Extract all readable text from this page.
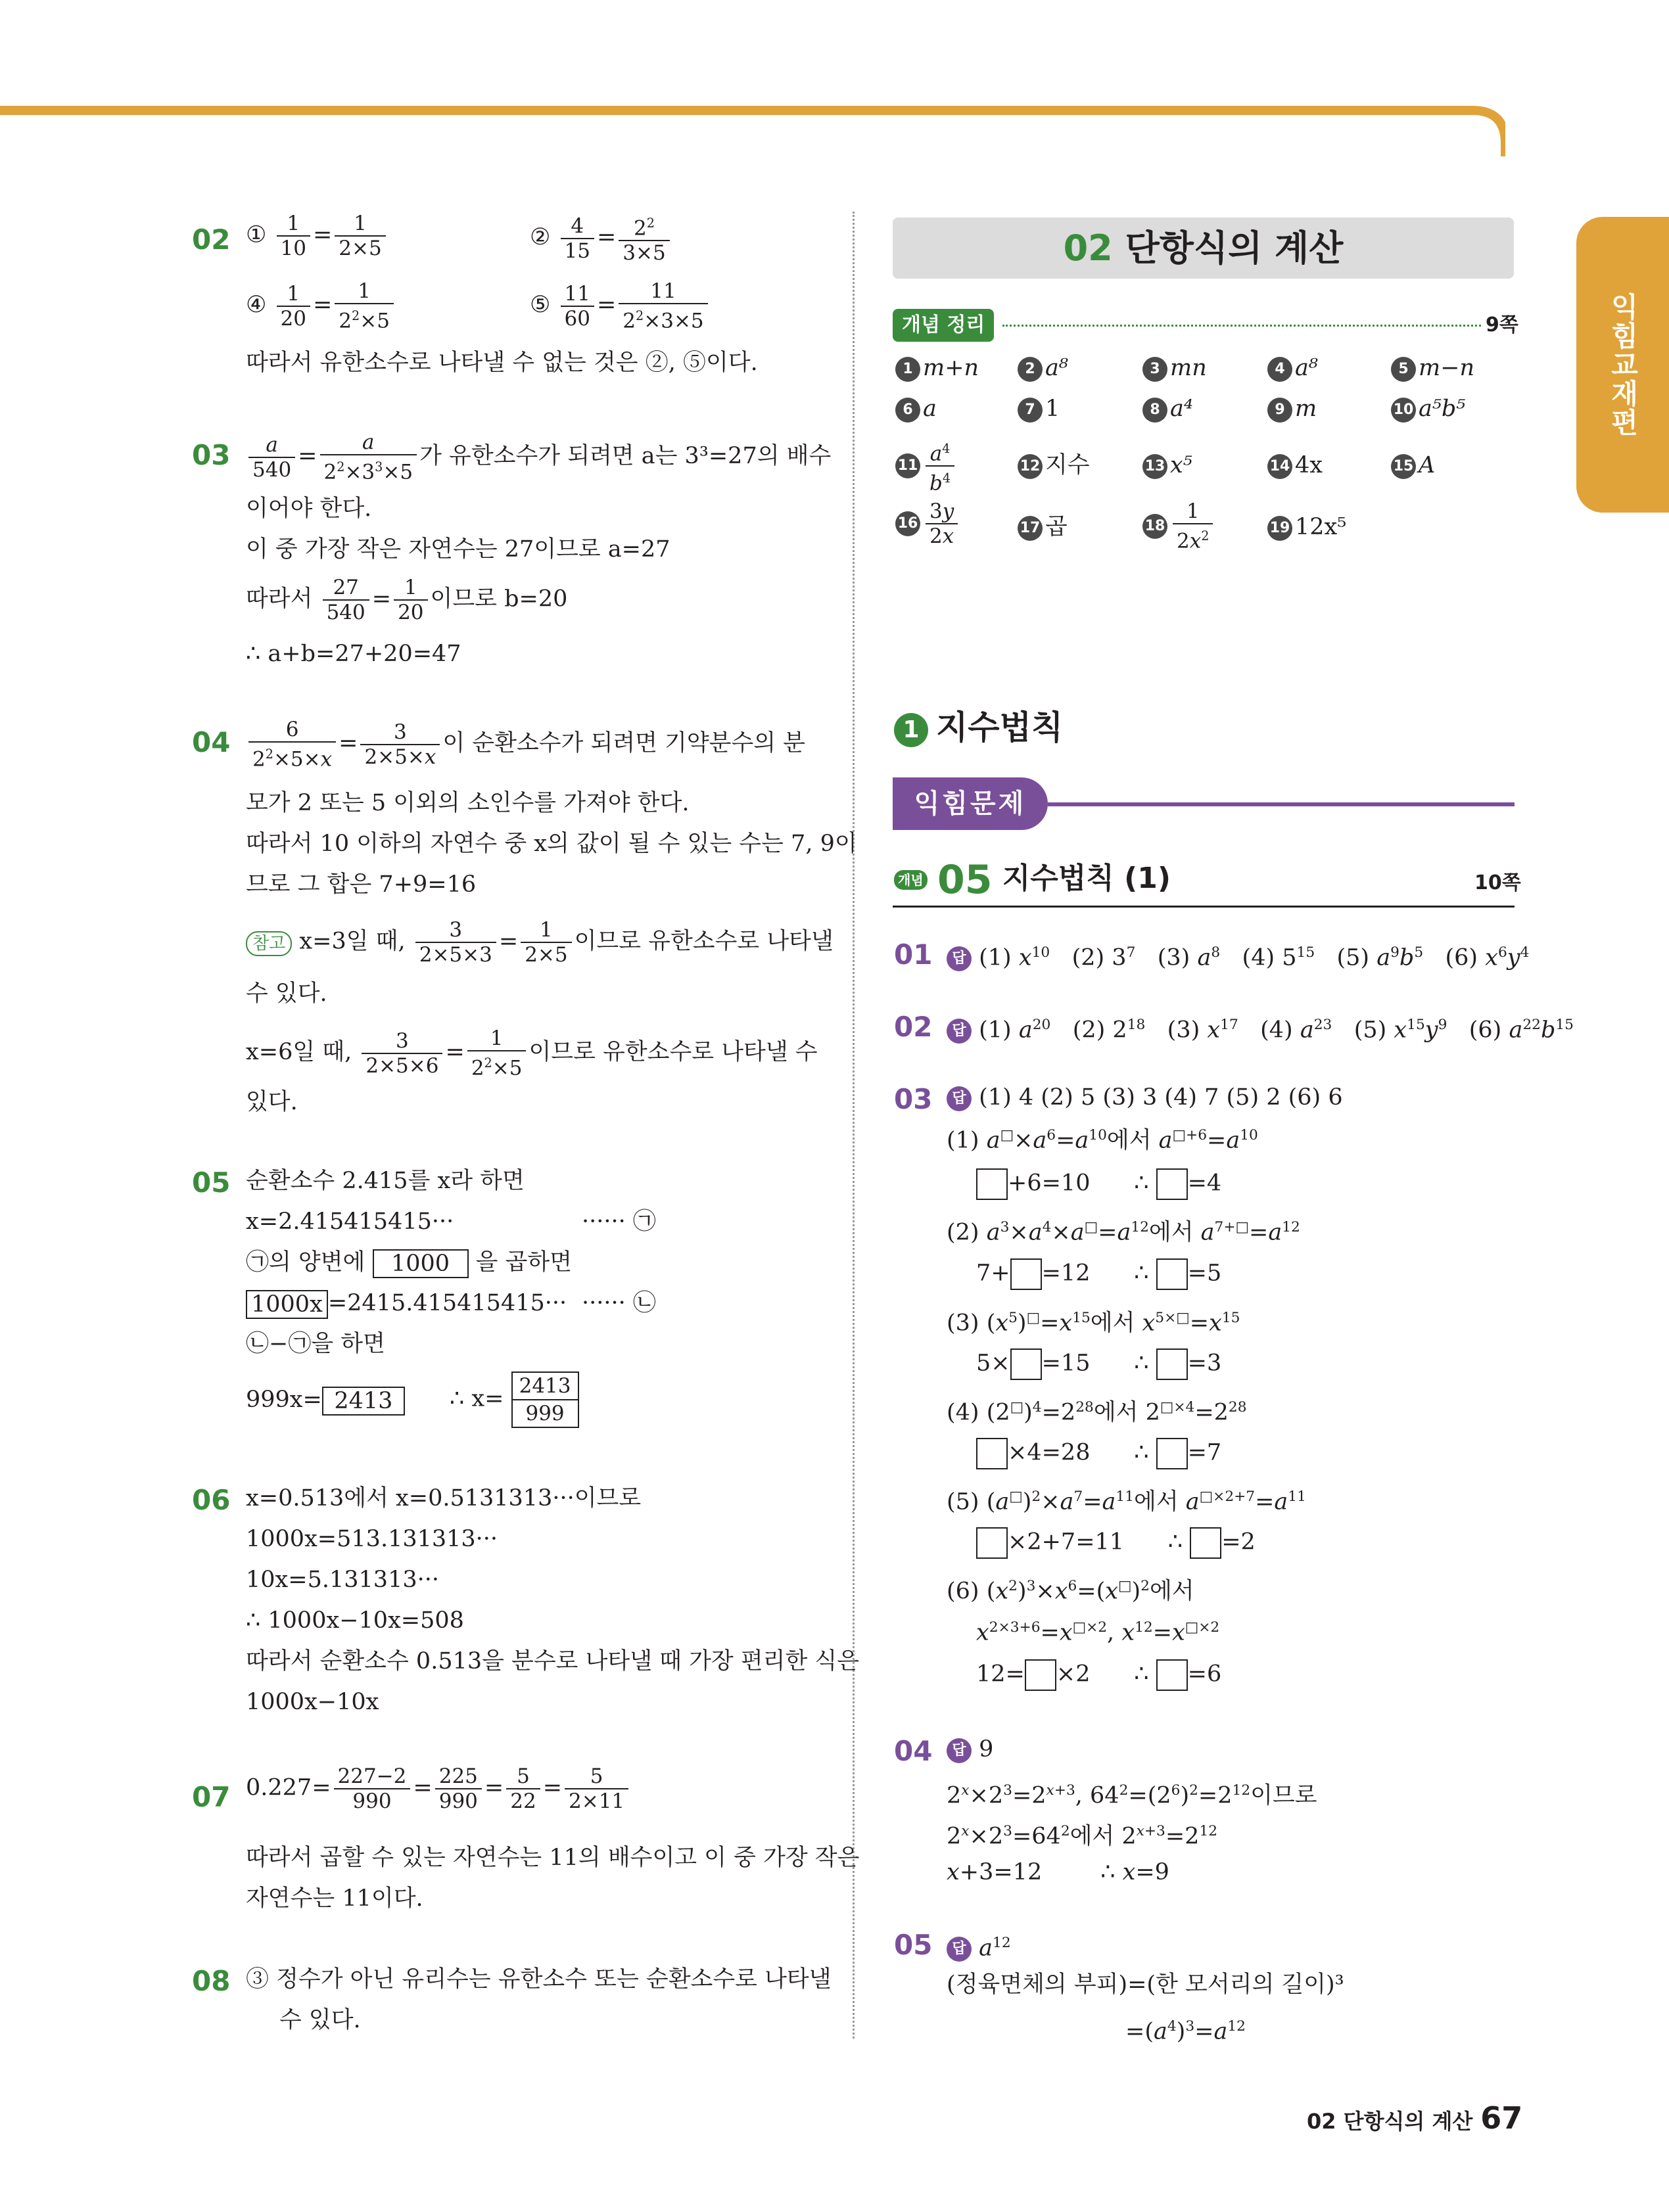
익힘교재편
02 ① $\frac{1}{10} = \frac{1}{2\times 5}$	② $\frac{4}{15} = \frac{2^2}{3\times 5}$
④ $\frac{1}{20} = \frac{1}{2^2\times 5}$	⑤ $\frac{11}{60} = \frac{11}{2^2\times 3\times 5}$
따라서 유한소수로 나타낼 수 없는 것은 ②, ⑤이다.
$03 \frac{a}{540} = \frac{a}{2^2\times 3^3\times 5}$ 가 유한소수가 되려면 a는 3³=27의 배수
이어야 한다.
이 중 가장 작은 자연수는 27이므로 a=27
따라서 $\frac{27}{540} = \frac{1}{20}$ 이므로 b=20
∴ a+b=27+20=47
$04 \frac{6}{2^2\times 5\times x} = \frac{3}{2\times 5\times x}$ 이 순환소수가 되려면 기약분수의 분
모가 2 또는 5 이외의 소인수를 가져야 한다.
따라서 10 이하의 자연수 중 x의 값이 될 수 있는 수는 7, 9이
므로 그 합은 7+9=16
참고 x=3일 때, $\frac{3}{2\times 5\times 3} = \frac{1}{2\times 5}$ 이므로 유한소수로 나타낼
수 있다.
x=6일 때, $\frac{3}{2\times 5\times 6} = \frac{1}{2^2\times 5}$ 이므로 유한소수로 나타낼 수
있다.
05 순환소수 2.415를 x라 하면
x=2.415415415···	······ ㉠
㉠의 양변에 1000 을 곱하면
1000x =2415.415415415··· ······ ㉡
㉡−㉠을 하면
999x= 2413	∴ $x= \frac{2413}{999}$
06 x=0.513에서 x=0.5131313···이므로
1000x=513.131313···
10x=5.131313···
∴ 1000x−10x=508
따라서 순환소수 0.513을 분수로 나타낼 때 가장 편리한 식은
1000x−10x
07 $0.227= \frac{227-2}{990} = \frac{225}{990} = \frac{5}{22} = \frac{5}{2\times 11}$
따라서 곱할 수 있는 자연수는 11의 배수이고 이 중 가장 작은
자연수는 11이다.
08 ③ 정수가 아닌 유리수는 유한소수 또는 순환소수로 나타낼
수 있다.
02 단항식의 계산
개념 정리	9쪽
1 m+n	2 a⁸	3 mn	4 a⁸	5 m−n
6 a	7 1	8 a⁴	9 m	10 a⁵b⁵
$11 \frac{a^4}{b^4}$	12 지수	13 x⁵	14 4x	15 A
$16 \frac{3y}{2x}$	17 곱	$18 \frac{1}{2x^2}$	19 12x⁵
1 지수법칙
익힘문제
개념 05 지수법칙 (1)	10쪽
01	답 (1) $x^{10}$   (2) $3^7$   (3) $a^8$   (4) $5^{15}$   (5) $a^9b^5$   (6) $x^6y^4$
02	답 (1) $a^{20}$   (2) $2^{18}$   (3) $x^{17}$   (4) $a^{23}$   (5) $x^{15}y^9$   (6) $a^{22}b^{15}$
03	답 (1) 4 (2) 5 (3) 3 (4) 7 (5) 2 (6) 6
(1) $a^□\times a^6=a^{10}$에서 $a^{□+6}=a^{10}$
+6=10      ∴ =4
(2) $a^3\times a^4\times a^□=a^{12}$에서 $a^{7+□}=a^{12}$
7+ =12      ∴ =5
(3) $(x^5)^□=x^{15}$에서 $x^{5\times□}=x^{15}$
5× =15      ∴ =3
(4) $(2^□)^4=2^{28}$에서 $2^{□\times 4}=2^{28}$
×4=28      ∴ =7
(5) $(a^□)^2\times a^7=a^{11}$에서 $a^{□\times 2+7}=a^{11}$
×2+7=11      ∴ =2
(6) $(x^2)^3\times x^6=(x^□)^2$에서
$x^{2\times 3+6}=x^{□\times 2}$, $x^{12}=x^{□\times 2}$
12= ×2      ∴ =6
04	답 9
$2^x\times 2^3=2^{x+3}$, $64^2=(2^6)^2=2^{12}$이므로
$2^x\times 2^3=64^2$에서 $2^{x+3}=2^{12}$
x+3=12        ∴ x=9
05	답 $a^{12}$
(정육면체의 부피)=(한 모서리의 길이)³
$=(a^4)^3=a^{12}$
02 단항식의 계산 67
